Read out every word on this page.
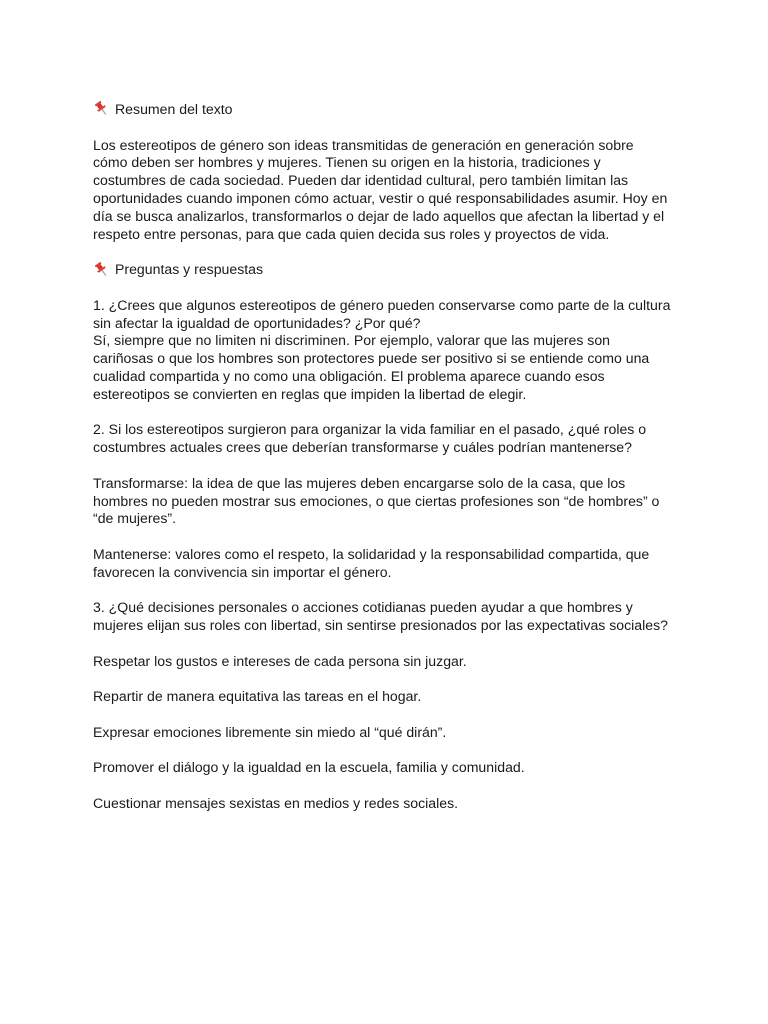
Resumen del texto

Los estereotipos de género son ideas transmitidas de generación en generación sobre
cómo deben ser hombres y mujeres. Tienen su origen en la historia, tradiciones y
costumbres de cada sociedad. Pueden dar identidad cultural, pero también limitan las
oportunidades cuando imponen cómo actuar, vestir o qué responsabilidades asumir. Hoy en
día se busca analizarlos, transformarlos o dejar de lado aquellos que afectan la libertad y el
respeto entre personas, para que cada quien decida sus roles y proyectos de vida.

Preguntas y respuestas

1. ¿Crees que algunos estereotipos de género pueden conservarse como parte de la cultura
sin afectar la igualdad de oportunidades? ¿Por qué?
Sí, siempre que no limiten ni discriminen. Por ejemplo, valorar que las mujeres son
cariñosas o que los hombres son protectores puede ser positivo si se entiende como una
cualidad compartida y no como una obligación. El problema aparece cuando esos
estereotipos se convierten en reglas que impiden la libertad de elegir.

2. Si los estereotipos surgieron para organizar la vida familiar en el pasado, ¿qué roles o
costumbres actuales crees que deberían transformarse y cuáles podrían mantenerse?

Transformarse: la idea de que las mujeres deben encargarse solo de la casa, que los
hombres no pueden mostrar sus emociones, o que ciertas profesiones son “de hombres” o
“de mujeres”.

Mantenerse: valores como el respeto, la solidaridad y la responsabilidad compartida, que
favorecen la convivencia sin importar el género.

3. ¿Qué decisiones personales o acciones cotidianas pueden ayudar a que hombres y
mujeres elijan sus roles con libertad, sin sentirse presionados por las expectativas sociales?

Respetar los gustos e intereses de cada persona sin juzgar.

Repartir de manera equitativa las tareas en el hogar.

Expresar emociones libremente sin miedo al “qué dirán”.

Promover el diálogo y la igualdad en la escuela, familia y comunidad.

Cuestionar mensajes sexistas en medios y redes sociales.
